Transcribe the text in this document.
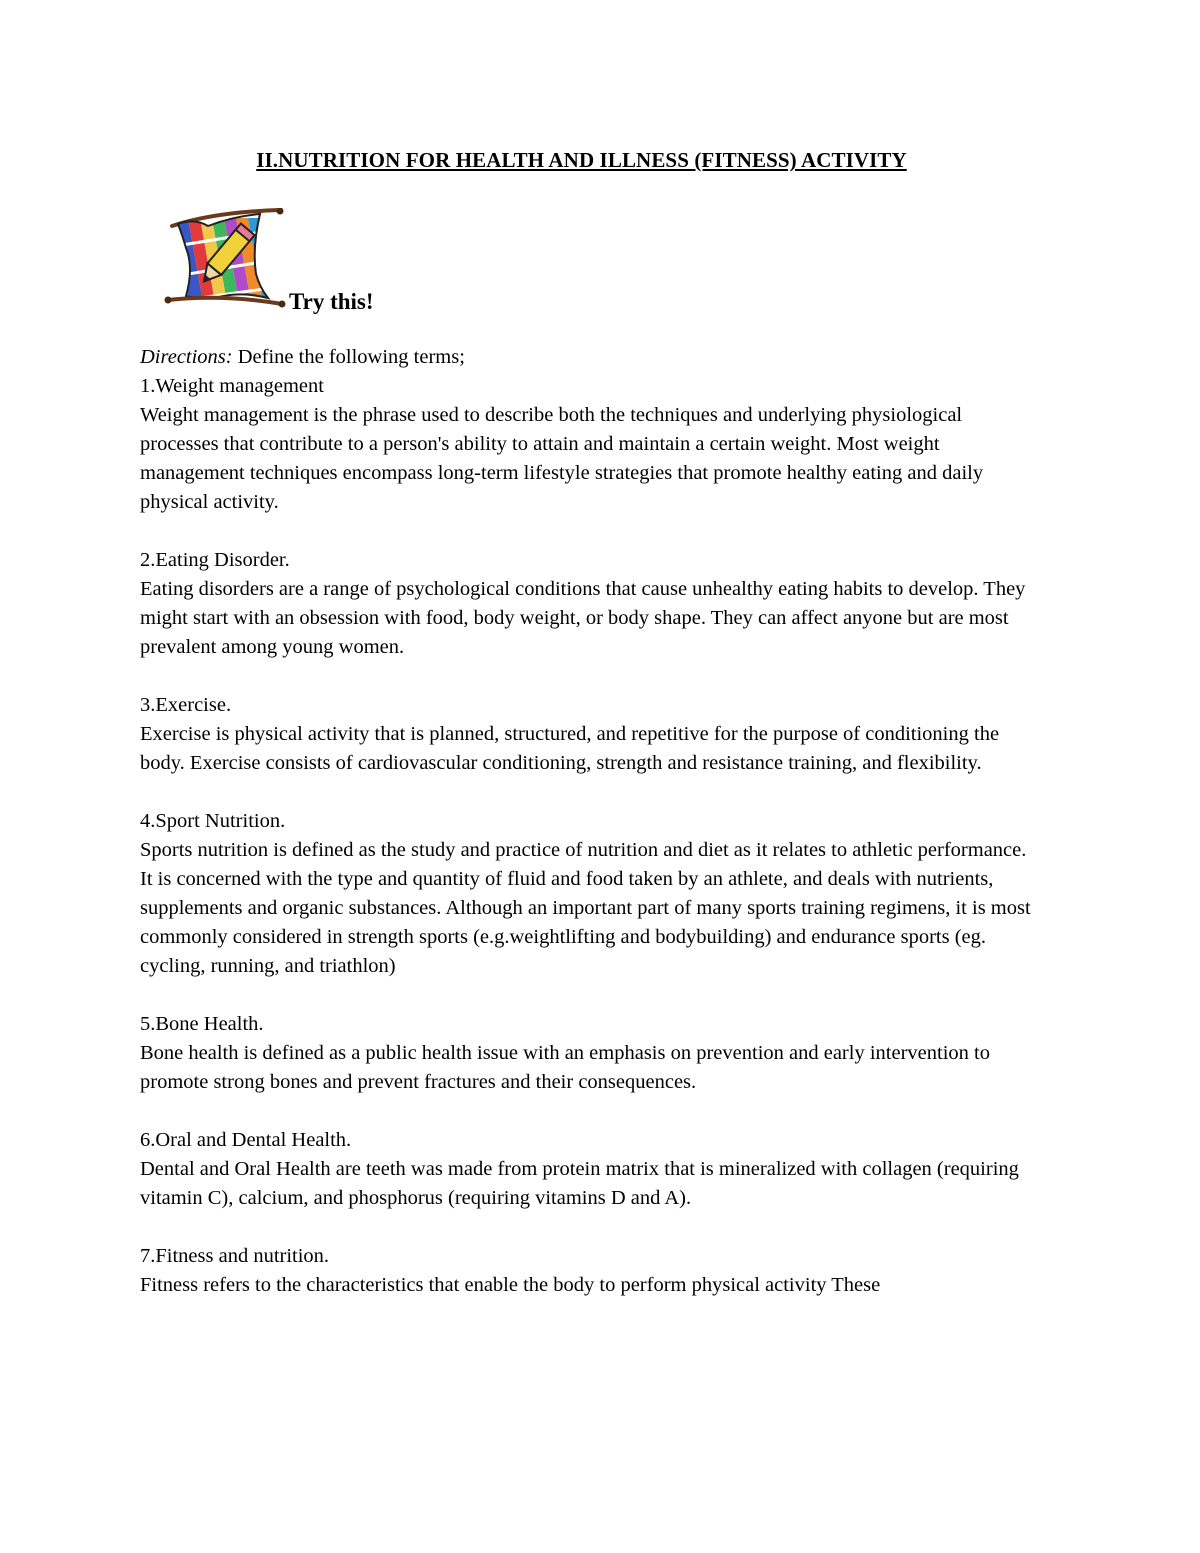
II.NUTRITION FOR HEALTH AND ILLNESS (FITNESS) ACTIVITY
Try this!

Directions: Define the following terms;

1.Weight management

Weight management is the phrase used to describe both the techniques and underlying physiological processes that contribute to a person's ability to attain and maintain a certain weight. Most weight management techniques encompass long-term lifestyle strategies that promote healthy eating and daily physical activity.

2.Eating Disorder.

Eating disorders are a range of psychological conditions that cause unhealthy eating habits to develop. They might start with an obsession with food, body weight, or body shape. They can affect anyone but are most prevalent among young women.

3.Exercise.

Exercise is physical activity that is planned, structured, and repetitive for the purpose of conditioning the body. Exercise consists of cardiovascular conditioning, strength and resistance training, and flexibility.

4.Sport Nutrition.

Sports nutrition is defined as the study and practice of nutrition and diet as it relates to athletic performance. It is concerned with the type and quantity of fluid and food taken by an athlete, and deals with nutrients, supplements and organic substances. Although an important part of many sports training regimens, it is most commonly considered in strength sports (e.g.weightlifting and bodybuilding) and endurance sports (eg. cycling, running, and triathlon)

5.Bone Health.

Bone health is defined as a public health issue with an emphasis on prevention and early intervention to promote strong bones and prevent fractures and their consequences.

6.Oral and Dental Health.

Dental and Oral Health are teeth was made from protein matrix that is mineralized with collagen (requiring vitamin C), calcium, and phosphorus (requiring vitamins D and A).

7.Fitness and nutrition.

Fitness refers to the characteristics that enable the body to perform physical activity These
